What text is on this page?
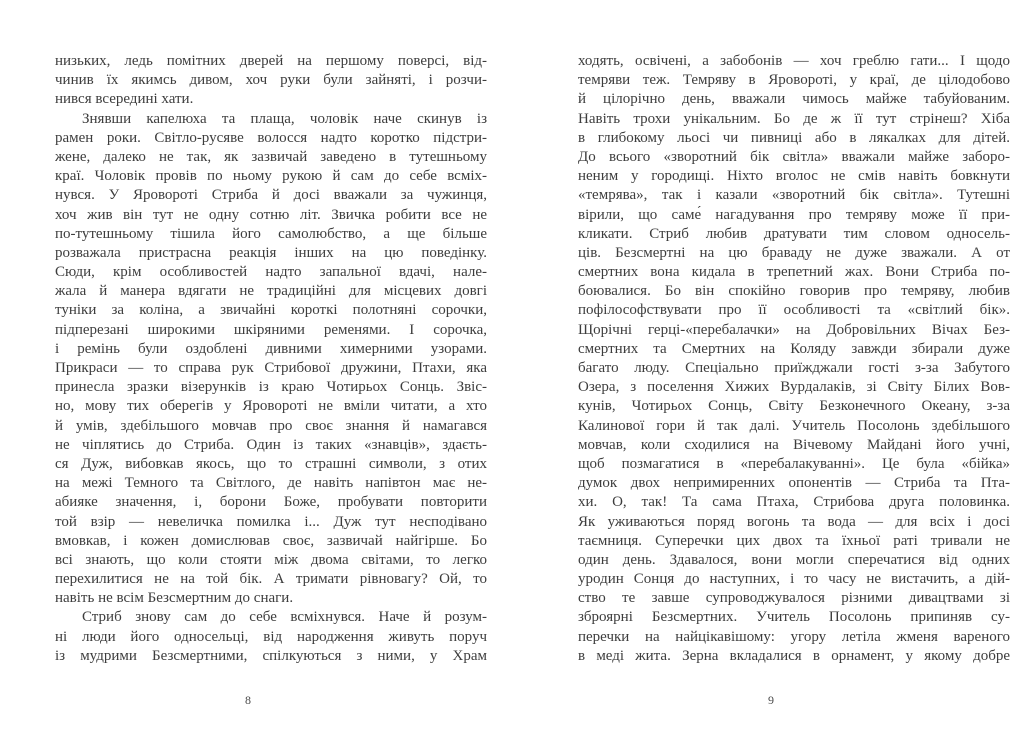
низьких, ледь помітних дверей на першому поверсі, від-
чинив їх якимсь дивом, хоч руки були зайняті, і розчи-
нився всередині хати.
Знявши капелюха та плаща, чоловік наче скинув із
рамен роки. Світло-русяве волосся надто коротко підстри-
жене, далеко не так, як зазвичай заведено в тутешньому
краї. Чоловік провів по ньому рукою й сам до себе всміх-
нувся. У Яровороті Стриба й досі вважали за чужинця,
хоч жив він тут не одну сотню літ. Звичка робити все не
по-тутешньому тішила його самолюбство, а ще більше
розважала пристрасна реакція інших на цю поведінку.
Сюди, крім особливостей надто запальної вдачі, нале-
жала й манера вдягати не традиційні для місцевих довгі
туніки за коліна, а звичайні короткі полотняні сорочки,
підперезані широкими шкіряними ременями. І сорочка,
і ремінь були оздоблені дивними химерними узорами.
Прикраси — то справа рук Стрибової дружини, Птахи, яка
принесла зразки візерунків із краю Чотирьох Сонць. Звіс-
но, мову тих оберегів у Яровороті не вміли читати, а хто
й умів, здебільшого мовчав про своє знання й намагався
не чіплятись до Стриба. Один із таких «знавців», здаєть-
ся Дуж, вибовкав якось, що то страшні символи, з отих
на межі Темного та Світлого, де навіть напівтон має не-
абияке значення, і, борони Боже, пробувати повторити
той взір — невеличка помилка і... Дуж тут несподівано
вмовкав, і кожен домислював своє, зазвичай найгірше. Бо
всі знають, що коли стояти між двома світами, то легко
перехилитися не на той бік. А тримати рівновагу? Ой, то
навіть не всім Безсмертним до снаги.
Стриб знову сам до себе всміхнувся. Наче й розум-
ні люди його односельці, від народження живуть поруч
із мудрими Безсмертними, спілкуються з ними, у Храм
8
ходять, освічені, а забобонів — хоч греблю гати... І щодо
темряви теж. Темряву в Яровороті, у краї, де цілодобово
й цілорічно день, вважали чимось майже табуйованим.
Навіть трохи унікальним. Бо де ж її тут стрінеш? Хіба
в глибокому льосі чи пивниці або в лякалках для дітей.
До всього «зворотний бік світла» вважали майже заборо-
неним у городищі. Ніхто вголос не смів навіть бовкнути
«темрява», так і казали «зворотний бік світла». Тутешні
вірили, що саме́ нагадування про темряву може її при-
кликати. Стриб любив дратувати тим словом односель-
ців. Безсмертні на цю браваду не дуже зважали. А от
смертних вона кидала в трепетний жах. Вони Стриба по-
боювалися. Бо він спокійно говорив про темряву, любив
пофілософствувати про її особливості та «світлий бік».
Щорічні герці-«перебалачки» на Добровільних Вічах Без-
смертних та Смертних на Коляду завжди збирали дуже
багато люду. Спеціально приїжджали гості з-за Забутого
Озера, з поселення Хижих Вурдалаків, зі Світу Білих Вов-
кунів, Чотирьох Сонць, Світу Безконечного Океану, з-за
Калинової гори й так далі. Учитель Посолонь здебільшого
мовчав, коли сходилися на Вічевому Майдані його учні,
щоб позмагатися в «перебалакуванні». Це була «бійка»
думок двох непримиренних опонентів — Стриба та Пта-
хи. О, так! Та сама Птаха, Стрибова друга половинка.
Як уживаються поряд вогонь та вода — для всіх і досі
таємниця. Суперечки цих двох та їхньої раті тривали не
один день. Здавалося, вони могли сперечатися від одних
уродин Сонця до наступних, і то часу не вистачить, а дій-
ство те завше супроводжувалося різними дивацтвами зі
зброярні Безсмертних. Учитель Посолонь припиняв су-
перечки на найцікавішому: угору летіла жменя вареного
в меді жита. Зерна вкладалися в орнамент, у якому добре
9
